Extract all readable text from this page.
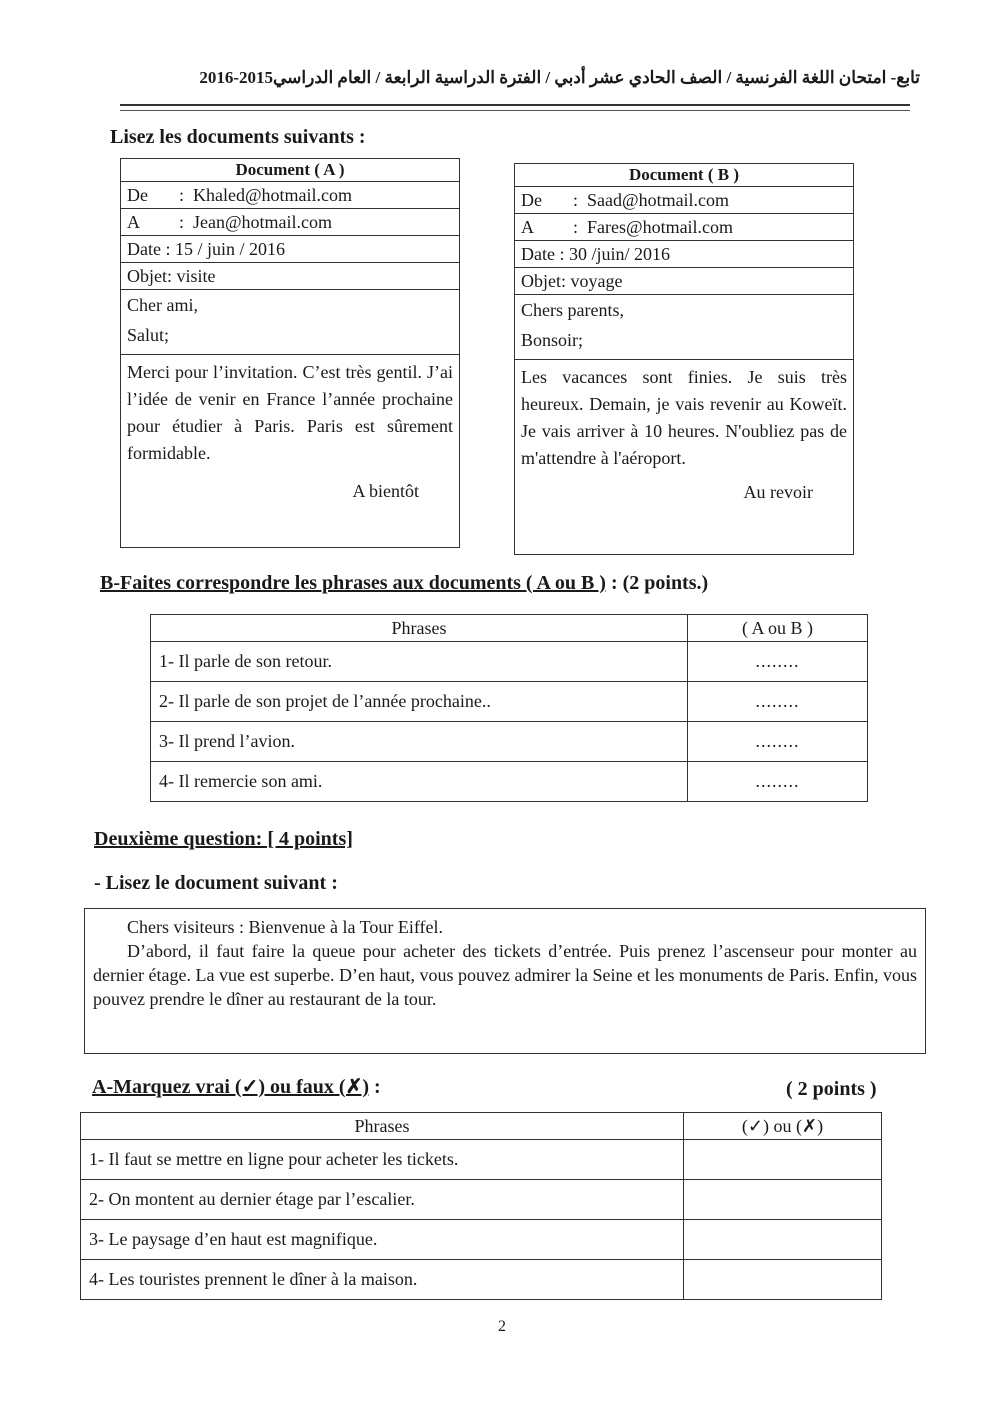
تابع- امتحان اللغة الفرنسية / الصف الحادي عشر أدبي / الفترة الدراسية الرابعة / العام الدراسي2015-2016
Lisez les documents suivants :
Document ( A )
De : Khaled@hotmail.com
A : Jean@hotmail.com
Date : 15 / juin / 2016
Objet: visite
Cher ami,
Salut;
Merci pour l’invitation. C’est très gentil. J’ai l’idée de venir en France l’année prochaine pour étudier à Paris. Paris est sûrement formidable.
A bientôt
Document ( B )
De : Saad@hotmail.com
A : Fares@hotmail.com
Date : 30 /juin/ 2016
Objet: voyage
Chers parents,
Bonsoir;
Les vacances sont finies. Je suis très heureux. Demain, je vais revenir au Koweït. Je vais arriver à 10 heures. N'oubliez pas de m'attendre à l'aéroport.
Au revoir
B-Faites correspondre les phrases aux documents ( A ou B ) : (2 points.)
Phrases	( A ou B )
1- Il parle de son retour.	........
2- Il parle de son projet de l’année prochaine..	........
3- Il prend l’avion.	........
4- Il remercie son ami.	........
Deuxième question: [ 4 points]
- Lisez le document suivant :
Chers visiteurs : Bienvenue à la Tour Eiffel.
D’abord, il faut faire la queue pour acheter des tickets d’entrée. Puis prenez l’ascenseur pour monter au dernier étage. La vue est superbe. D’en haut, vous pouvez admirer la Seine et les monuments de Paris. Enfin, vous pouvez prendre le dîner au restaurant de la tour.
A-Marquez vrai (✓) ou faux (✗) :	( 2 points )
Phrases	(✓) ou (✗)
1- Il faut se mettre en ligne pour acheter les tickets.	
2- On montent au dernier étage par l’escalier.	
3- Le paysage d’en haut est magnifique.	
4- Les touristes prennent le dîner à la maison.	
2
